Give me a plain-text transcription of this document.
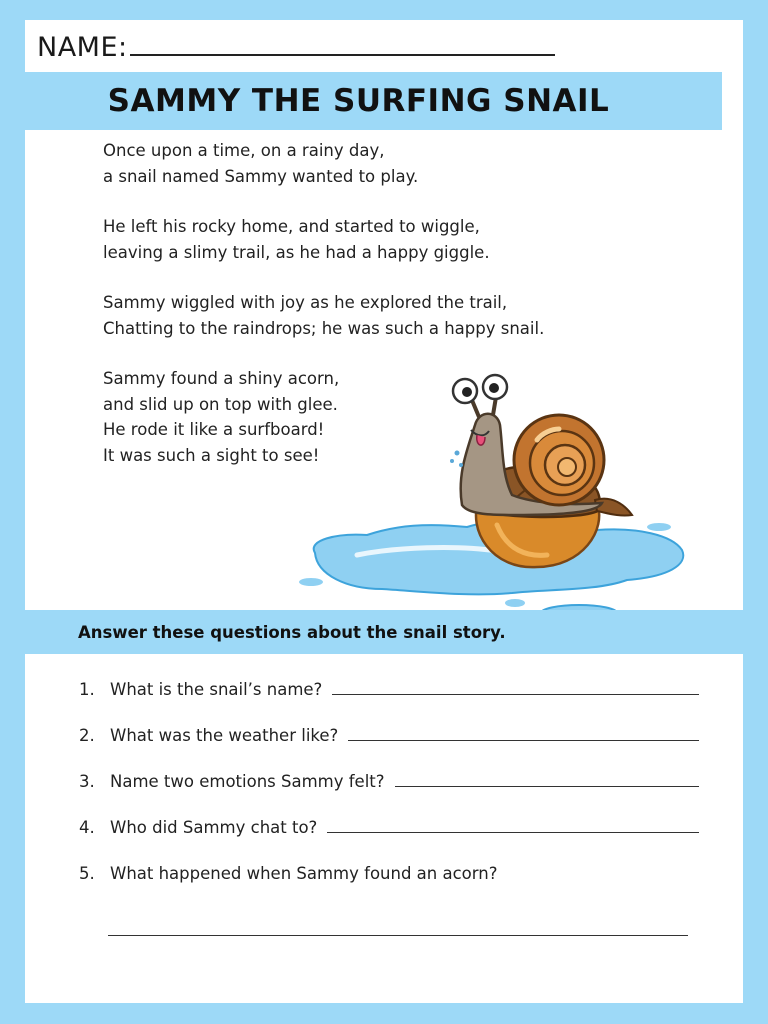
NAME:
SAMMY THE SURFING SNAIL

Once upon a time, on a rainy day,

a snail named Sammy wanted to play.

He left his rocky home, and started to wiggle,

leaving a slimy trail, as he had a happy giggle.

Sammy wiggled with joy as he explored the trail,

Chatting to the raindrops; he was such a happy snail.

Sammy found a shiny acorn,

and slid up on top with glee.

He rode it like a surfboard!

It was such a sight to see!

Answer these questions about the snail story.
1. What is the snail’s name?
2. What was the weather like?
3. Name two emotions Sammy felt?
4. Who did Sammy chat to?
5. What happened when Sammy found an acorn?
